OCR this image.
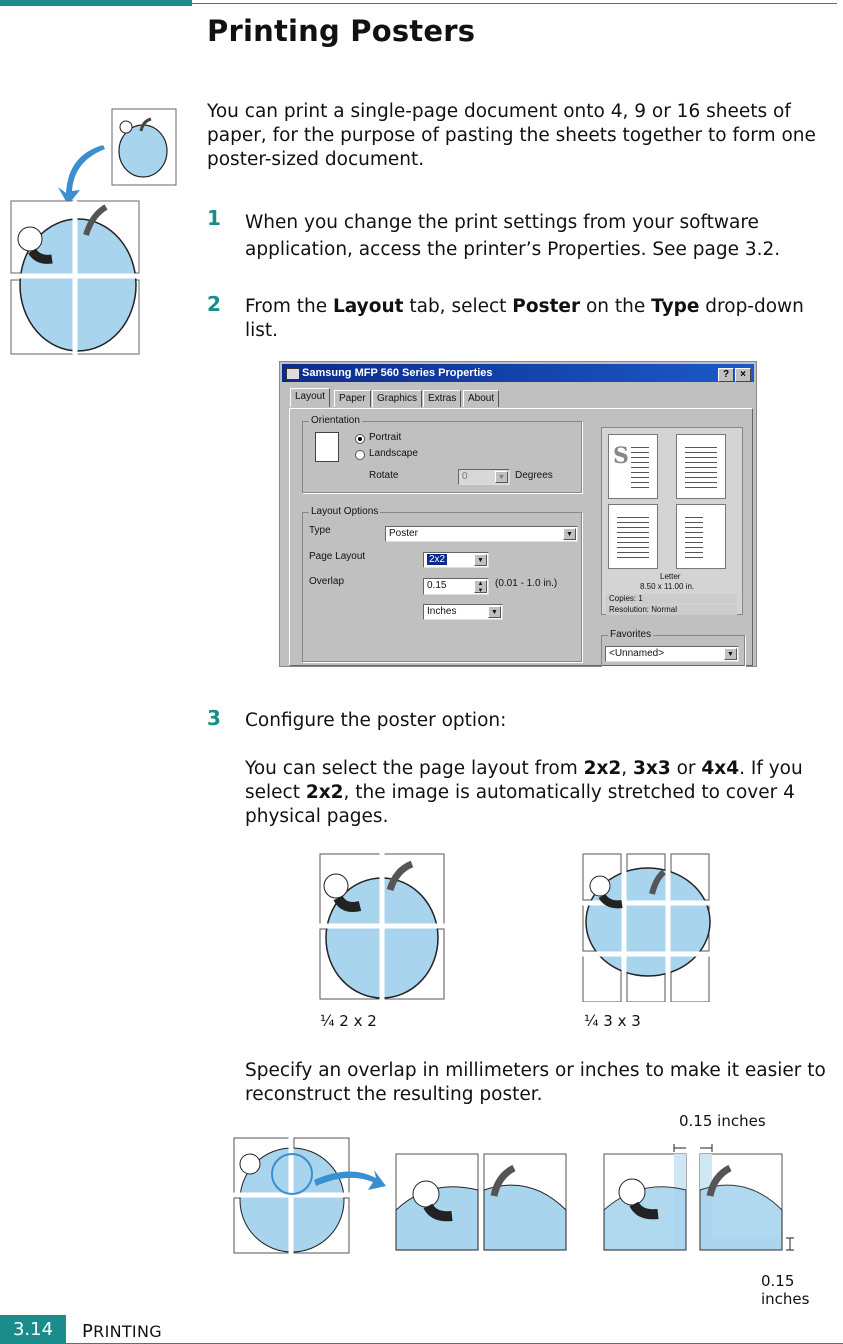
Printing Posters

You can print a single-page document onto 4, 9 or 16 sheets of paper, for the purpose of pasting the sheets together to form one poster-sized document.

1 When you change the print settings from your software application, access the printer’s Properties. See page 3.2.

2 From the Layout tab, select Poster on the Type drop-down list.

Samsung MFP 560 Series Properties	?	×
Layout	Paper	Graphics	Extras	About
Orientation
Portrait
Landscape
Rotate	0	▼	Degrees
Layout Options
Type	Poster	▼
Page Layout	2x2	▼
Overlap	0.15	▲
▼
(0.01 - 1.0 in.)
Inches	▼
S
Letter
8.50 x 11.00 in.
Copies: 1
Resolution: Normal
Favorites
<Unnamed>	▼
3 Configure the poster option:

You can select the page layout from 2x2, 3x3 or 4x4. If you select 2x2, the image is automatically stretched to cover 4 physical pages.

¼ 2 x 2	¼ 3 x 3

Specify an overlap in millimeters or inches to make it easier to reconstruct the resulting poster.

0.15 inches
0.15 inches
3.14	PRINTING
